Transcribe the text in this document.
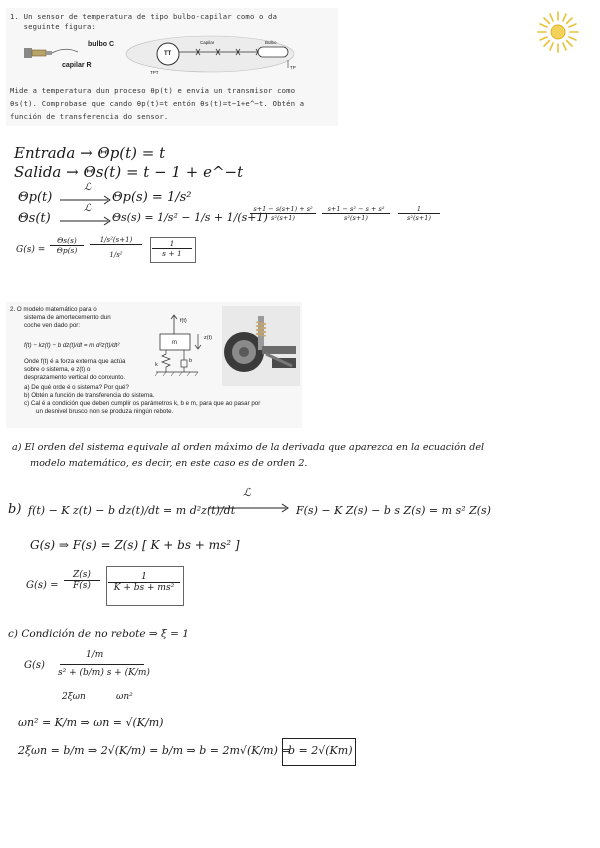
1. Un sensor de temperatura de tipo bulbo-capilar como o da
seguinte figura:
bulbo C
capilar R
TT
Capilar	Bulbo
TPT
TP
Mide a temperatura dun proceso θp(t) e envía un transmisor como
θs(t). Comprobase que cando θp(t)=t entón θs(t)=t−1+e^−t. Obtén a
función de transferencia do sensor.
Entrada → Θp(t) = t
Salida → Θs(t) = t − 1 + e^−t
Θp(t)
ℒ
Θp(s) = 1/s²
Θs(t)
ℒ
Θs(s) = 1/s² − 1/s + 1/(s+1)
$\frac{\text{s+1 − s(s+1) + s²}}{\text{s²(s+1)}} \frac{\text{s+1 − s² − s + s²}}{\text{s²(s+1)}} \frac{1}{\text{s²(s+1)}}$
$G(s) = \frac{\Theta s(s)}{\Theta p(s)} \frac{\text{1/s²(s+1)}}{\text{1/s²}} \frac{1}{s + 1}$
2. O modelo matemático para o
sistema de amortecemento dun
coche ven dado por:
f(t) − kz(t) − b dz(t)/dt = m d²z(t)/dt²
Onde f(t) é a forza externa que actúa
sobre o sistema, e z(t) o
desprazamento vertical do conxunto.
a) De qué orde é o sistema? Por qué?
b) Obtén a función de transferencia do sistema.
c) Cal é a condición que deben cumplir os parámetros k, b e m, para que ao pasar por
un desnivel brusco non se produza ningún rebote.
f(t)
z(t)
m
k
b
a) El orden del sistema equivale al orden máximo de la derivada que aparezca en la ecuación del
modelo matemático, es decir, en este caso es de orden 2.
b) f(t) − K z(t) − b dz(t)/dt = m d²z(t)/dt
ℒ
F(s) − K Z(s) − b s Z(s) = m s² Z(s)
G(s) ⇒ F(s) = Z(s) [ K + bs + ms² ]
$G(s) = \frac{Z(s)}{F(s)} \frac{1}{\text{K + bs + ms²}}$
c) Condición de no rebote ⇒ ξ = 1
G(s)
1/m
s² + (b/m) s + (K/m)
2ξωn	ωn²
ωn² = K/m ⇒ ωn = √(K/m)
2ξωn = b/m ⇒ 2√(K/m) = b/m ⇒ b = 2m√(K/m) ⇒
b = 2√(Km)
